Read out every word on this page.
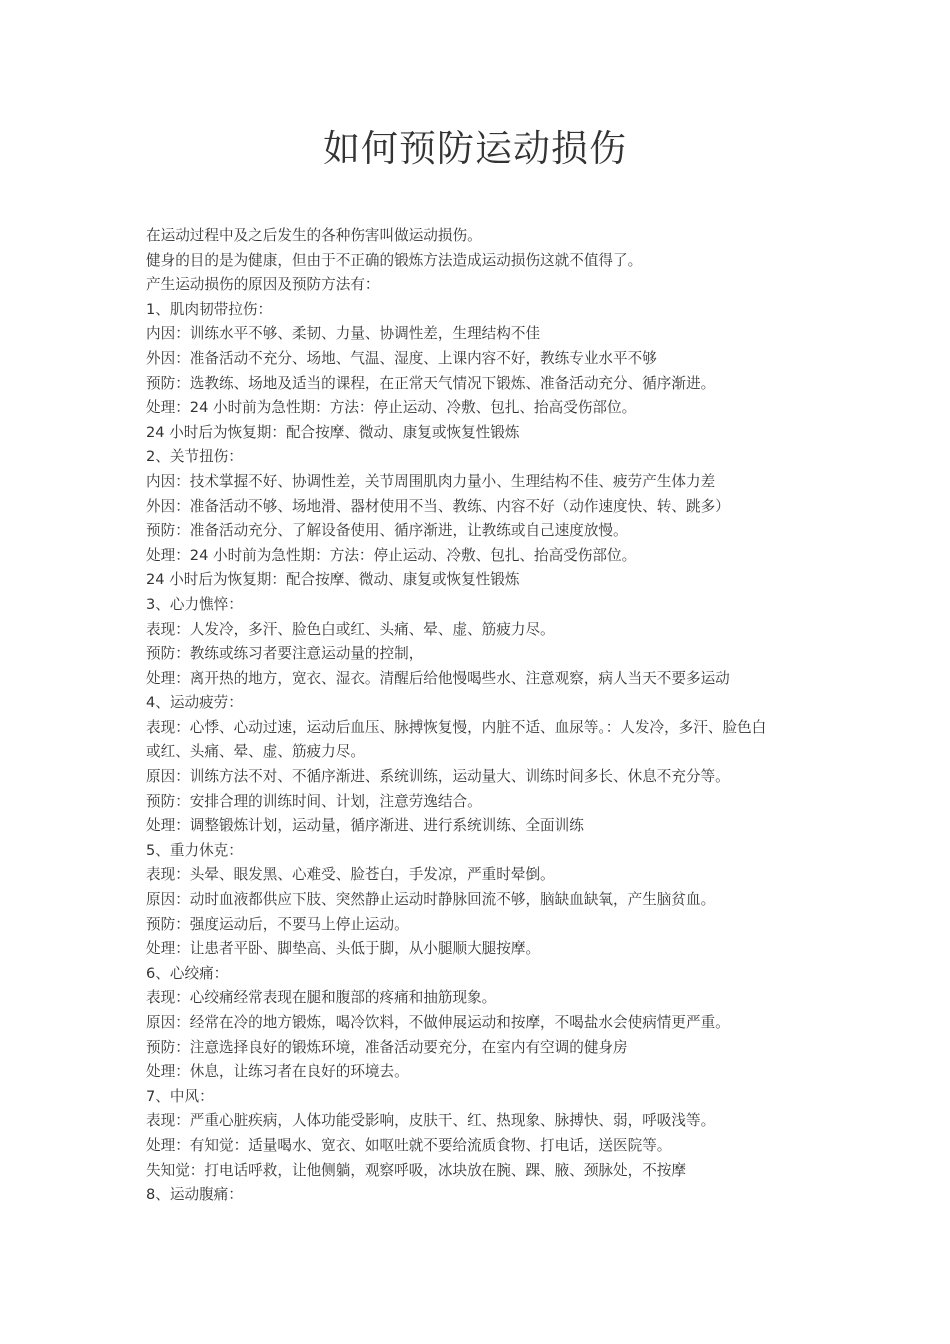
如何预防运动损伤
在运动过程中及之后发生的各种伤害叫做运动损伤。
健身的目的是为健康，但由于不正确的锻炼方法造成运动损伤这就不值得了。
产生运动损伤的原因及预防方法有：
1、肌肉韧带拉伤：
内因：训练水平不够、柔韧、力量、协调性差，生理结构不佳
外因：准备活动不充分、场地、气温、湿度、上课内容不好，教练专业水平不够
预防：选教练、场地及适当的课程，在正常天气情况下锻炼、准备活动充分、循序渐进。
处理：24 小时前为急性期：方法：停止运动、冷敷、包扎、抬高受伤部位。
24 小时后为恢复期：配合按摩、微动、康复或恢复性锻炼
2、关节扭伤：
内因：技术掌握不好、协调性差，关节周围肌肉力量小、生理结构不佳、疲劳产生体力差
外因：准备活动不够、场地滑、器材使用不当、教练、内容不好（动作速度快、转、跳多）
预防：准备活动充分、了解设备使用、循序渐进，让教练或自己速度放慢。
处理：24 小时前为急性期：方法：停止运动、冷敷、包扎、抬高受伤部位。
24 小时后为恢复期：配合按摩、微动、康复或恢复性锻炼
3、心力憔悴：
表现：人发冷，多汗、脸色白或红、头痛、晕、虚、筋疲力尽。
预防：教练或练习者要注意运动量的控制，
处理：离开热的地方，宽衣、湿衣。清醒后给他慢喝些水、注意观察，病人当天不要多运动
4、运动疲劳：
表现：心悸、心动过速，运动后血压、脉搏恢复慢，内脏不适、血尿等。：人发冷，多汗、脸色白
或红、头痛、晕、虚、筋疲力尽。
原因：训练方法不对、不循序渐进、系统训练，运动量大、训练时间多长、休息不充分等。
预防：安排合理的训练时间、计划，注意劳逸结合。
处理：调整锻炼计划，运动量，循序渐进、进行系统训练、全面训练
5、重力休克：
表现：头晕、眼发黑、心难受、脸苍白，手发凉，严重时晕倒。
原因：动时血液都供应下肢、突然静止运动时静脉回流不够，脑缺血缺氧，产生脑贫血。
预防：强度运动后，不要马上停止运动。
处理：让患者平卧、脚垫高、头低于脚，从小腿顺大腿按摩。
6、心绞痛：
表现：心绞痛经常表现在腿和腹部的疼痛和抽筋现象。
原因：经常在冷的地方锻炼，喝冷饮料，不做伸展运动和按摩，不喝盐水会使病情更严重。
预防：注意选择良好的锻炼环境，准备活动要充分，在室内有空调的健身房
处理：休息，让练习者在良好的环境去。
7、中风：
表现：严重心脏疾病，人体功能受影响，皮肤干、红、热现象、脉搏快、弱，呼吸浅等。
处理：有知觉：适量喝水、宽衣、如呕吐就不要给流质食物、打电话，送医院等。
失知觉：打电话呼救，让他侧躺，观察呼吸，冰块放在腕、踝、腋、颈脉处，不按摩
8、运动腹痛：
